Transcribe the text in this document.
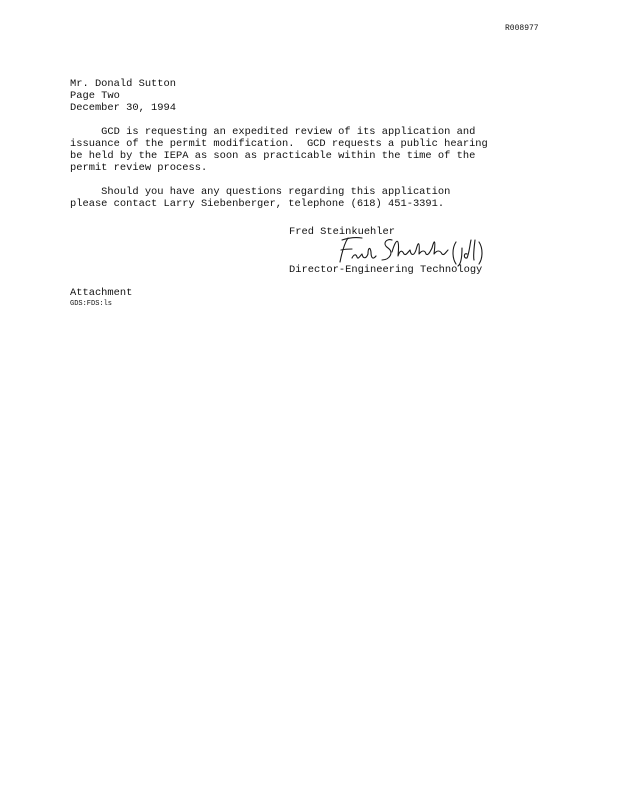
R008977
Mr. Donald Sutton
Page Two
December 30, 1994
GCD is requesting an expedited review of its application and
issuance of the permit modification.  GCD requests a public hearing
be held by the IEPA as soon as practicable within the time of the
permit review process.
Should you have any questions regarding this application
please contact Larry Siebenberger, telephone (618) 451-3391.
Fred Steinkuehler
Director-Engineering Technology
Attachment
GDS:FDS:ls
